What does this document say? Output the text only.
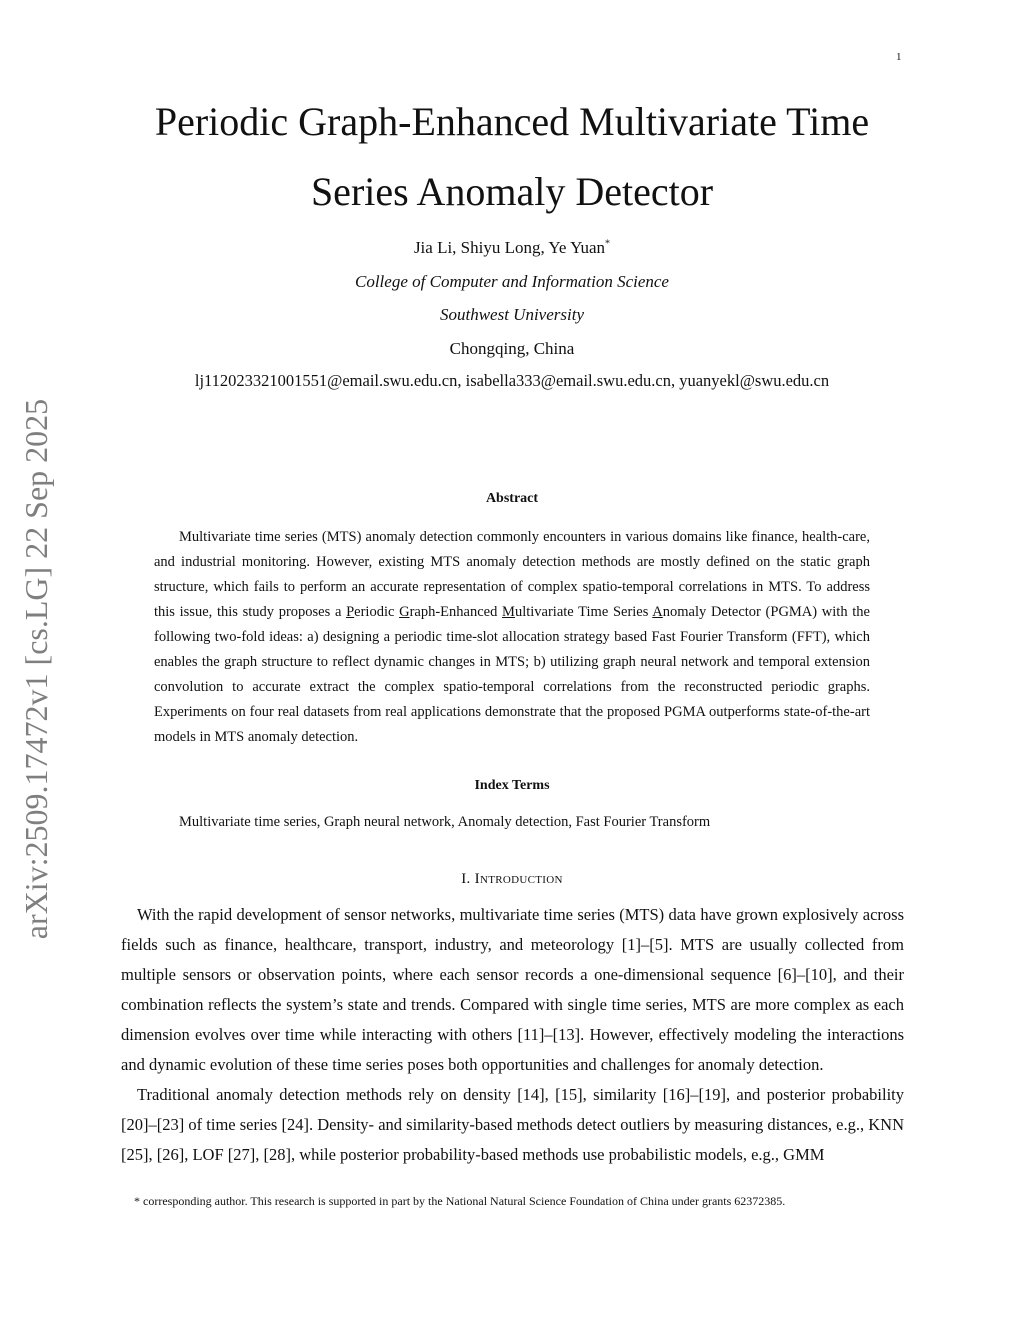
1
Periodic Graph-Enhanced Multivariate Time
Series Anomaly Detector
Jia Li, Shiyu Long, Ye Yuan*
College of Computer and Information Science
Southwest University
Chongqing, China
lj112023321001551@email.swu.edu.cn, isabella333@email.swu.edu.cn, yuanyekl@swu.edu.cn
arXiv:2509.17472v1 [cs.LG] 22 Sep 2025	Abstract
Multivariate time series (MTS) anomaly detection commonly encounters in various domains like finance, health-care, and industrial monitoring. However, existing MTS anomaly detection methods are mostly defined on the static graph structure, which fails to perform an accurate representation of complex spatio-temporal correlations in MTS. To address this issue, this study proposes a Periodic Graph-Enhanced Multivariate Time Series Anomaly Detector (PGMA) with the following two-fold ideas: a) designing a periodic time-slot allocation strategy based Fast Fourier Transform (FFT), which enables the graph structure to reflect dynamic changes in MTS; b) utilizing graph neural network and temporal extension convolution to accurate extract the complex spatio-temporal correlations from the reconstructed periodic graphs. Experiments on four real datasets from real applications demonstrate that the proposed PGMA outperforms state-of-the-art models in MTS anomaly detection.
Index Terms
Multivariate time series, Graph neural network, Anomaly detection, Fast Fourier Transform
I. Introduction
With the rapid development of sensor networks, multivariate time series (MTS) data have grown explosively across fields such as finance, healthcare, transport, industry, and meteorology [1]–[5]. MTS are usually collected from multiple sensors or observation points, where each sensor records a one-dimensional sequence [6]–[10], and their combination reflects the system’s state and trends. Compared with single time series, MTS are more complex as each dimension evolves over time while interacting with others [11]–[13]. However, effectively modeling the interactions and dynamic evolution of these time series poses both opportunities and challenges for anomaly detection.
Traditional anomaly detection methods rely on density [14], [15], similarity [16]–[19], and posterior probability [20]–[23] of time series [24]. Density- and similarity-based methods detect outliers by measuring distances, e.g., KNN [25], [26], LOF [27], [28], while posterior probability-based methods use probabilistic models, e.g., GMM
* corresponding author. This research is supported in part by the National Natural Science Foundation of China under grants 62372385.
